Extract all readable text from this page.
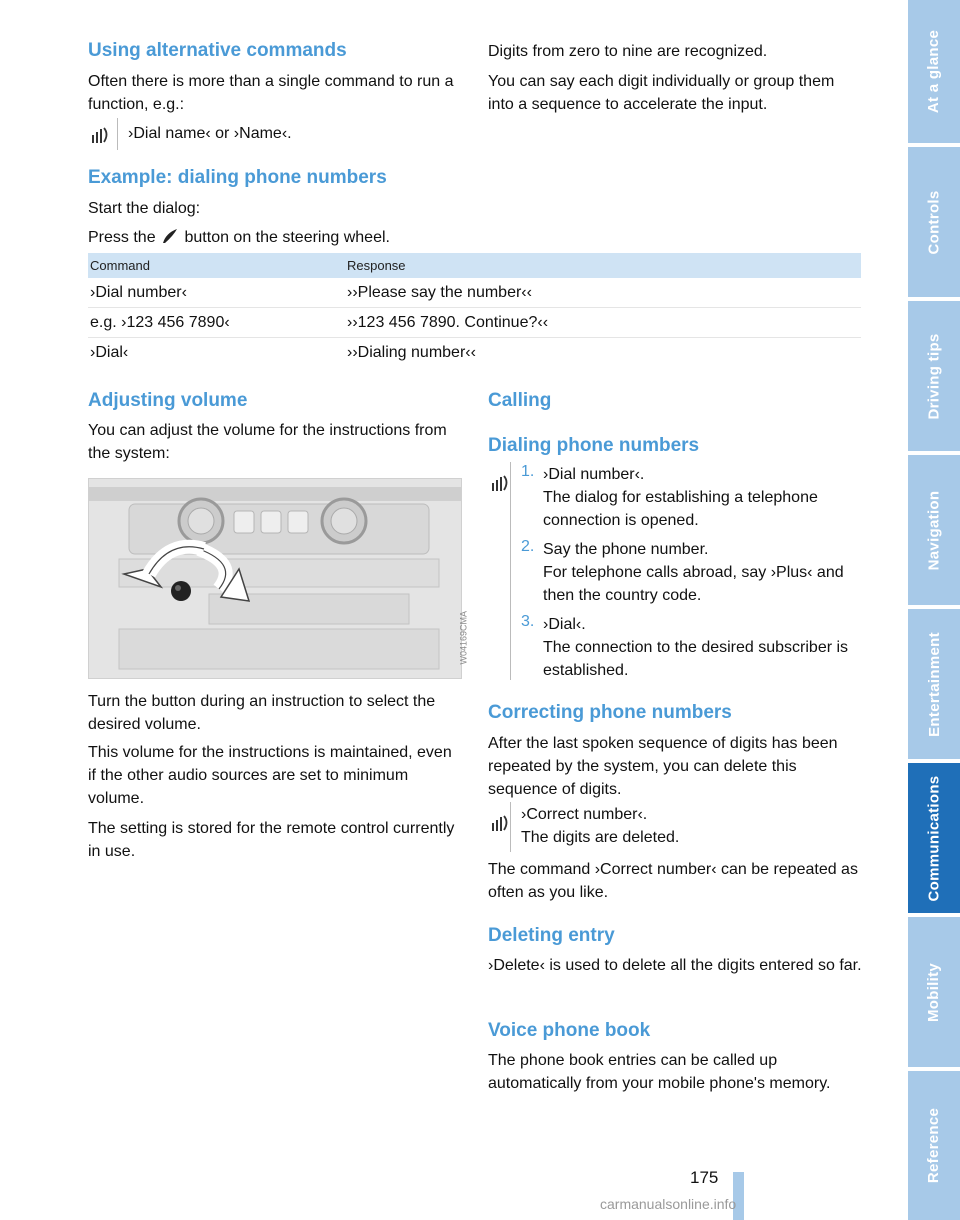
Using alternative commands

Often there is more than a single command to run a function, e.g.:

›Dial name‹ or ›Name‹.

Digits from zero to nine are recognized.

You can say each digit individually or group them into a sequence to accelerate the input.

Example: dialing phone numbers

Start the dialog:

Press the button on the steering wheel.

Command	Response
›Dial number‹	››Please say the number‹‹
e.g. ›123 456 7890‹	››123 456 7890. Continue?‹‹
›Dial‹	››Dialing number‹‹
Adjusting volume

You can adjust the volume for the instructions from the system:

W04169CMA

Turn the button during an instruction to select the desired volume.

This volume for the instructions is maintained, even if the other audio sources are set to minimum volume.

The setting is stored for the remote control currently in use.

Calling
Dialing phone numbers
1. ›Dial number‹.

The dialog for establishing a telephone connection is opened.

2. Say the phone number.

For telephone calls abroad, say ›Plus‹ and then the country code.

3. ›Dial‹.

The connection to the desired subscriber is established.

Correcting phone numbers

After the last spoken sequence of digits has been repeated by the system, you can delete this sequence of digits.

›Correct number‹.

The digits are deleted.

The command ›Correct number‹ can be repeated as often as you like.

Deleting entry

›Delete‹ is used to delete all the digits entered so far.

Voice phone book

The phone book entries can be called up automatically from your mobile phone's memory.

At a glance
Controls
Driving tips
Navigation
Entertainment
Communications
Mobility
Reference
175
carmanualsonline.info
